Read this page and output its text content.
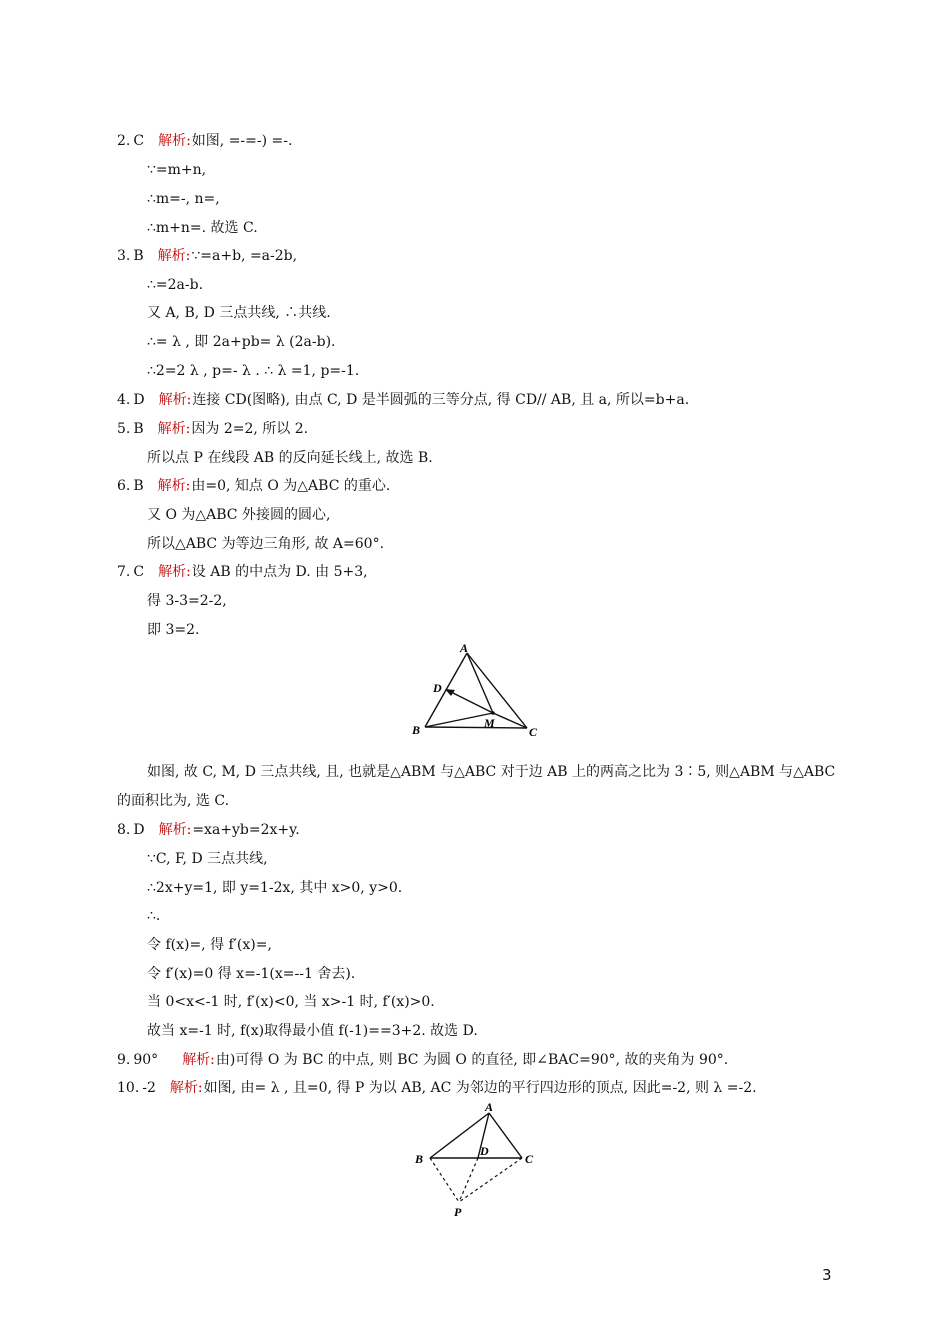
2. C 解析:如图, =-=-) =-.
∵=m+n,
∴m=-, n=,
∴m+n=. 故选 C.
3. B 解析:∵=a+b, =a-2b,
∴=2a-b.
又 A, B, D 三点共线, ∴共线.
∴= λ , 即 2a+pb= λ (2a-b).
∴2=2 λ , p=- λ . ∴ λ =1, p=-1.
4. D 解析:连接 CD(图略), 由点 C, D 是半圆弧的三等分点, 得 CD// AB, 且 a, 所以=b+a.
5. B 解析:因为 2=2, 所以 2.
所以点 P 在线段 AB 的反向延长线上, 故选 B.
6. B 解析:由=0, 知点 O 为△ABC 的重心.
又 O 为△ABC 外接圆的圆心,
所以△ABC 为等边三角形, 故 A=60°.
7. C 解析:设 AB 的中点为 D. 由 5+3,
得 3-3=2-2,
即 3=2.
A
D
B	M
C
如图, 故 C, M, D 三点共线, 且, 也就是△ABM 与△ABC 对于边 AB 上的两高之比为 3∶5, 则△ABM 与△ABC 的面积比为, 选 C.
8. D 解析:=xa+yb=2x+y.
∵C, F, D 三点共线,
∴2x+y=1, 即 y=1-2x, 其中 x>0, y>0.
∴.
令 f(x)=, 得 f′(x)=,
令 f′(x)=0 得 x=-1(x=--1 舍去).
当 0<x<-1 时, f′(x)<0, 当 x>-1 时, f′(x)>0.
故当 x=-1 时, f(x)取得最小值 f(-1)==3+2. 故选 D.
9. 90° 解析:由)可得 O 为 BC 的中点, 则 BC 为圆 O 的直径, 即∠BAC=90°, 故的夹角为 90°.
10. -2 解析:如图, 由= λ , 且=0, 得 P 为以 AB, AC 为邻边的平行四边形的顶点, 因此=-2, 则 λ =-2.
A
B	C
D
P
3
